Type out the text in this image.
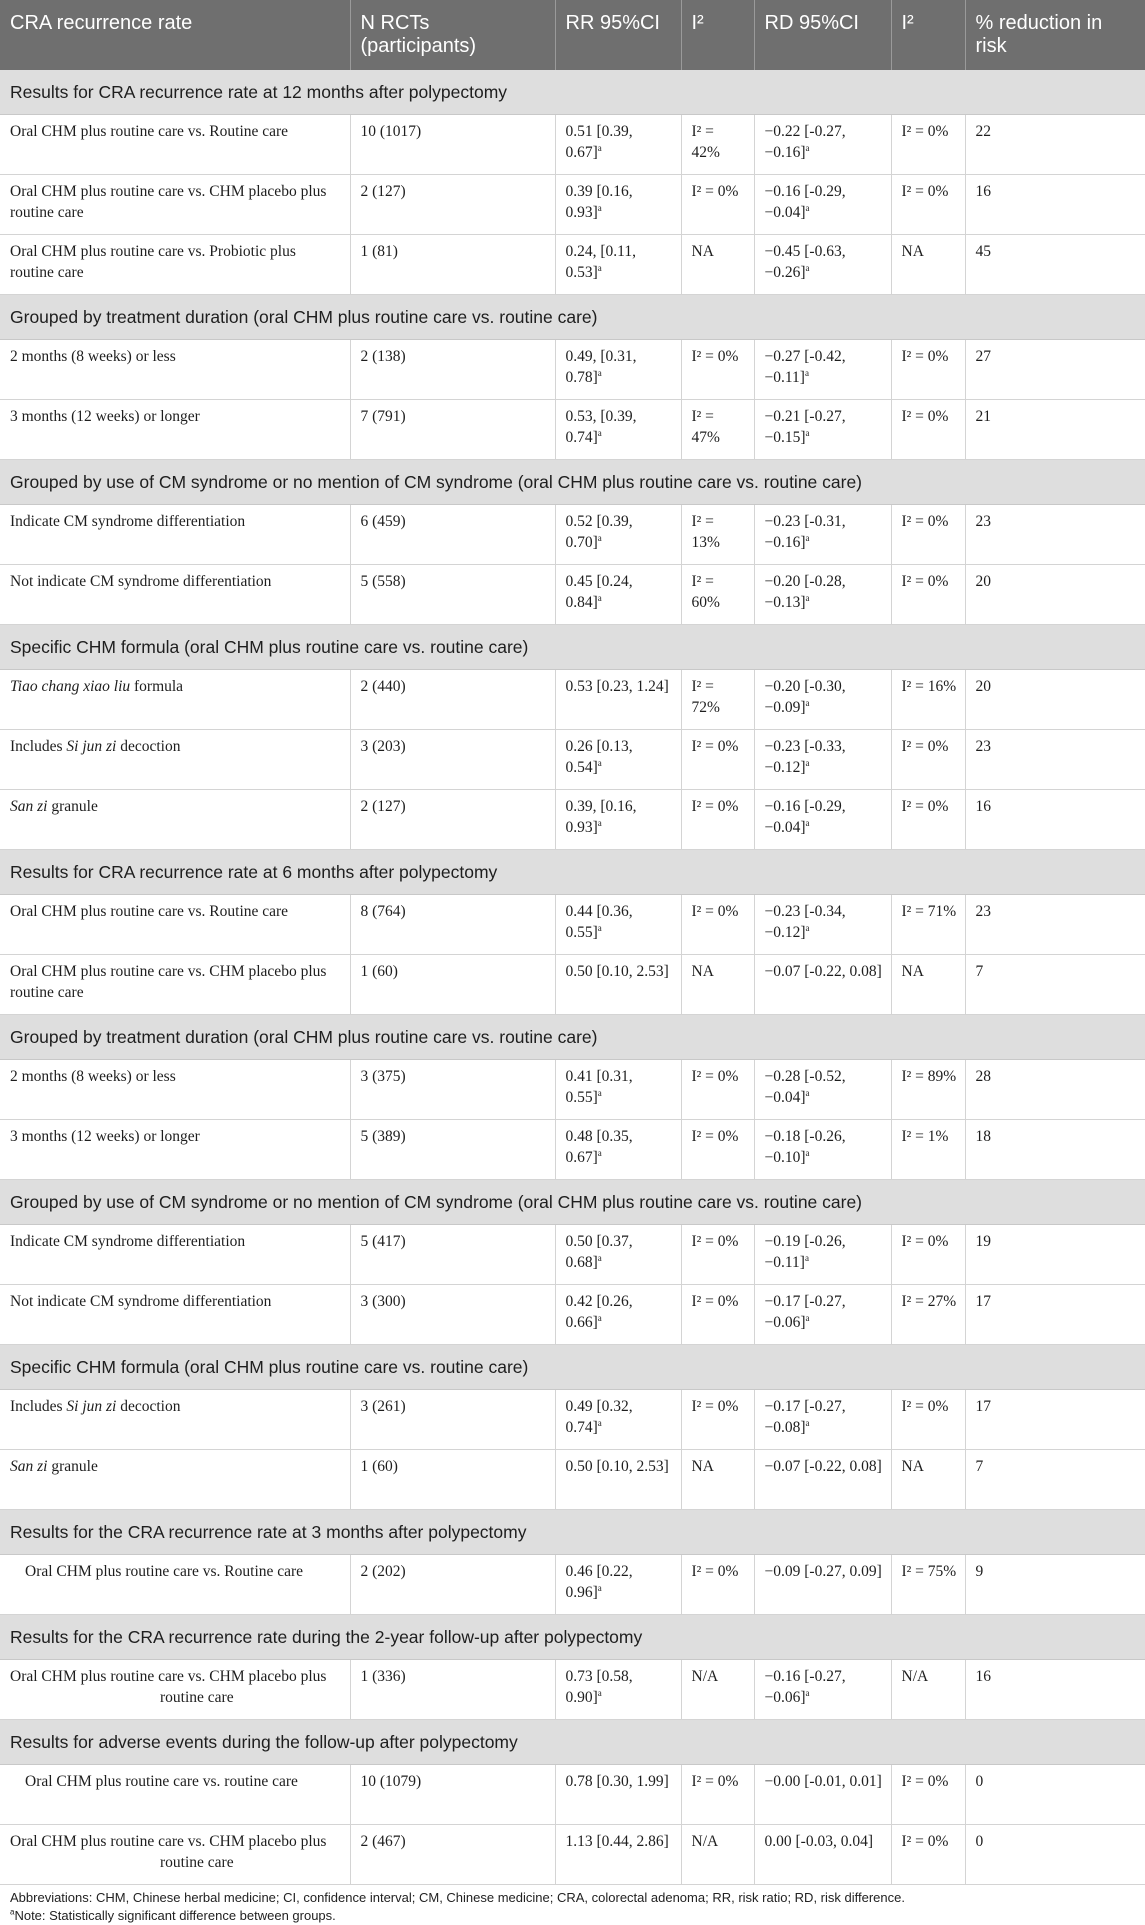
CRA recurrence rate	N RCTs (participants)	RR 95%CI	I²	RD 95%CI	I²	% reduction in risk
Results for CRA recurrence rate at 12 months after polypectomy						
Oral CHM plus routine care vs. Routine care	10 (1017)	0.51 [0.39, 0.67]$^a$	I² = 42%	−0.22 [-0.27, −0.16]$^a$	I² = 0%	22
Oral CHM plus routine care vs. CHM placebo plus routine care	2 (127)	0.39 [0.16, 0.93]$^a$	I² = 0%	−0.16 [-0.29, −0.04]$^a$	I² = 0%	16
Oral CHM plus routine care vs. Probiotic plus routine care	1 (81)	0.24, [0.11, 0.53]$^a$	NA	−0.45 [-0.63, −0.26]$^a$	NA	45
Grouped by treatment duration (oral CHM plus routine care vs. routine care)						
2 months (8 weeks) or less	2 (138)	0.49, [0.31, 0.78]$^a$	I² = 0%	−0.27 [-0.42, −0.11]$^a$	I² = 0%	27
3 months (12 weeks) or longer	7 (791)	0.53, [0.39, 0.74]$^a$	I² = 47%	−0.21 [-0.27, −0.15]$^a$	I² = 0%	21
Grouped by use of CM syndrome or no mention of CM syndrome (oral CHM plus routine care vs. routine care)						
Indicate CM syndrome differentiation	6 (459)	0.52 [0.39, 0.70]$^a$	I² = 13%	−0.23 [-0.31, −0.16]$^a$	I² = 0%	23
Not indicate CM syndrome differentiation	5 (558)	0.45 [0.24, 0.84]$^a$	I² = 60%	−0.20 [-0.28, −0.13]$^a$	I² = 0%	20
Specific CHM formula (oral CHM plus routine care vs. routine care)						
Tiao chang xiao liu formula	2 (440)	0.53 [0.23, 1.24]	I² = 72%	−0.20 [-0.30, −0.09]$^a$	I² = 16%	20
Includes Si jun zi decoction	3 (203)	0.26 [0.13, 0.54]$^a$	I² = 0%	−0.23 [-0.33, −0.12]$^a$	I² = 0%	23
San zi granule	2 (127)	0.39, [0.16, 0.93]$^a$	I² = 0%	−0.16 [-0.29, −0.04]$^a$	I² = 0%	16
Results for CRA recurrence rate at 6 months after polypectomy						
Oral CHM plus routine care vs. Routine care	8 (764)	0.44 [0.36, 0.55]$^a$	I² = 0%	−0.23 [-0.34, −0.12]$^a$	I² = 71%	23
Oral CHM plus routine care vs. CHM placebo plus routine care	1 (60)	0.50 [0.10, 2.53]	NA	−0.07 [-0.22, 0.08]	NA	7
Grouped by treatment duration (oral CHM plus routine care vs. routine care)						
2 months (8 weeks) or less	3 (375)	0.41 [0.31, 0.55]$^a$	I² = 0%	−0.28 [-0.52, −0.04]$^a$	I² = 89%	28
3 months (12 weeks) or longer	5 (389)	0.48 [0.35, 0.67]$^a$	I² = 0%	−0.18 [-0.26, −0.10]$^a$	I² = 1%	18
Grouped by use of CM syndrome or no mention of CM syndrome (oral CHM plus routine care vs. routine care)						
Indicate CM syndrome differentiation	5 (417)	0.50 [0.37, 0.68]$^a$	I² = 0%	−0.19 [-0.26, −0.11]$^a$	I² = 0%	19
Not indicate CM syndrome differentiation	3 (300)	0.42 [0.26, 0.66]$^a$	I² = 0%	−0.17 [-0.27, −0.06]$^a$	I² = 27%	17
Specific CHM formula (oral CHM plus routine care vs. routine care)						
Includes Si jun zi decoction	3 (261)	0.49 [0.32, 0.74]$^a$	I² = 0%	−0.17 [-0.27, −0.08]$^a$	I² = 0%	17
San zi granule	1 (60)	0.50 [0.10, 2.53]	NA	−0.07 [-0.22, 0.08]	NA	7
Results for the CRA recurrence rate at 3 months after polypectomy						
Oral CHM plus routine care vs. Routine care	2 (202)	0.46 [0.22, 0.96]$^a$	I² = 0%	−0.09 [-0.27, 0.09]	I² = 75%	9
Results for the CRA recurrence rate during the 2-year follow-up after polypectomy						

Oral CHM plus routine care vs. CHM placebo plus
routine care	1 (336)	0.73 [0.58, 0.90]$^a$	N/A	−0.16 [-0.27, −0.06]$^a$	N/A	16
Results for adverse events during the follow-up after polypectomy						
Oral CHM plus routine care vs. routine care	10 (1079)	0.78 [0.30, 1.99]	I² = 0%	−0.00 [-0.01, 0.01]	I² = 0%	0

Oral CHM plus routine care vs. CHM placebo plus
routine care	2 (467)	1.13 [0.44, 2.86]	N/A	0.00 [-0.03, 0.04]	I² = 0%	0
Abbreviations: CHM, Chinese herbal medicine; CI, confidence interval; CM, Chinese medicine; CRA, colorectal adenoma; RR, risk ratio; RD, risk difference.
$^a$Note: Statistically significant difference between groups.
